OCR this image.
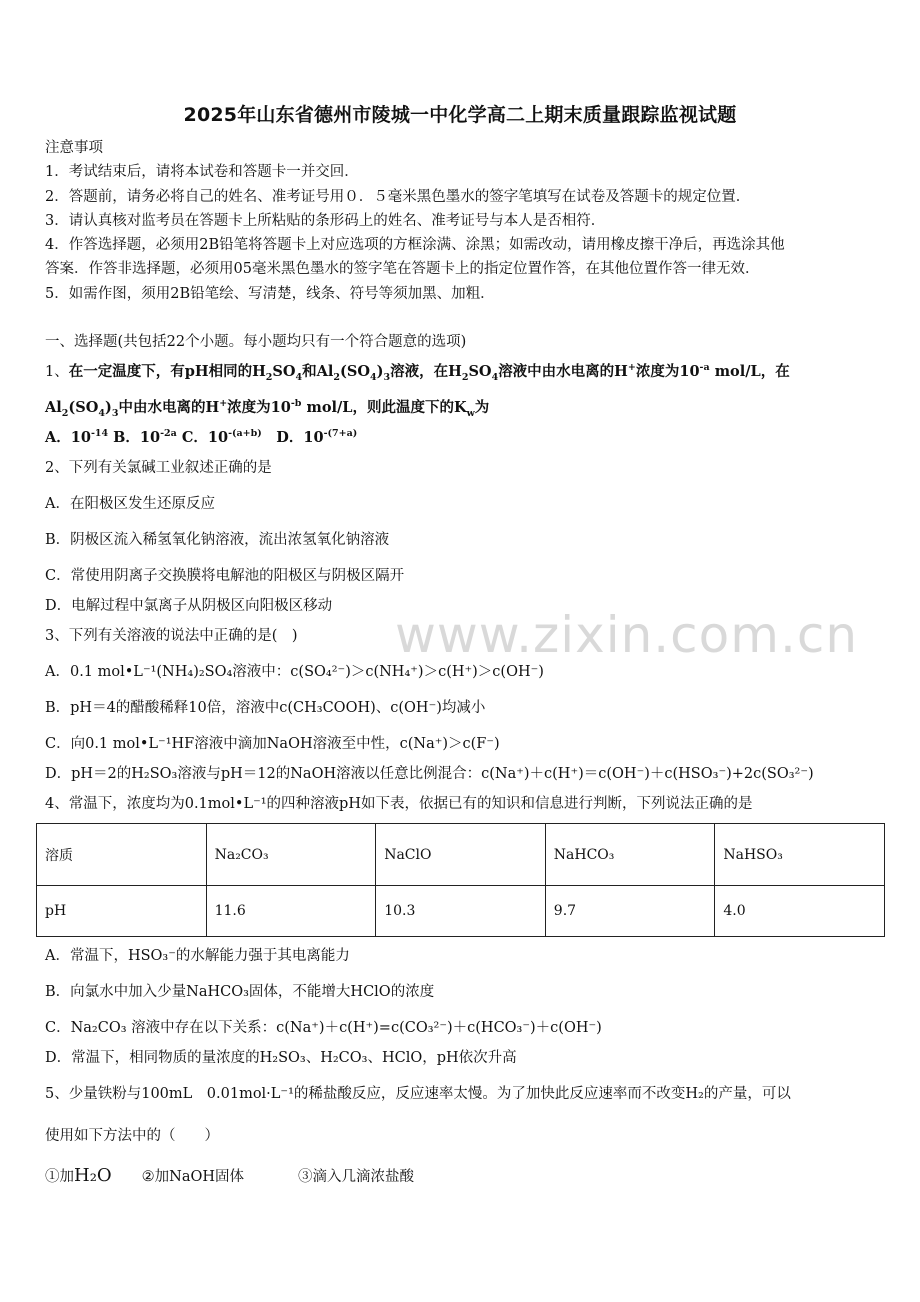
2025年山东省德州市陵城一中化学高二上期末质量跟踪监视试题
注意事项
1．考试结束后，请将本试卷和答题卡一并交回．
2．答题前，请务必将自己的姓名、准考证号用０．５毫米黑色墨水的签字笔填写在试卷及答题卡的规定位置．
3．请认真核对监考员在答题卡上所粘贴的条形码上的姓名、准考证号与本人是否相符．
4．作答选择题，必须用2B铅笔将答题卡上对应选项的方框涂满、涂黑；如需改动，请用橡皮擦干净后，再选涂其他
答案．作答非选择题，必须用05毫米黑色墨水的签字笔在答题卡上的指定位置作答，在其他位置作答一律无效．
5．如需作图，须用2B铅笔绘、写清楚，线条、符号等须加黑、加粗．
一、选择题(共包括22个小题。每小题均只有一个符合题意的选项)
1、在一定温度下，有pH相同的$H_2SO_4$和$Al_2(SO_4)_3$溶液，在$H_2SO_4$溶液中由水电离的H+浓度为$10^{-a}$ mol/L，在
$Al_2(SO_4)_3$中由水电离的H+浓度为$10^{-b}$ mol/L，则此温度下的$K_w$为
A．$10^{-14}$ B．$10^{-2a}$ C．$10^{-(a+b)}$　D．$10^{-(7+a)}$
2、下列有关氯碱工业叙述正确的是
A．在阳极区发生还原反应
B．阴极区流入稀氢氧化钠溶液，流出浓氢氧化钠溶液
C．常使用阴离子交换膜将电解池的阳极区与阴极区隔开
D．电解过程中氯离子从阴极区向阳极区移动 www.zixin.com.cn
3、下列有关溶液的说法中正确的是(　)
A．0.1 mol•L⁻¹(NH₄)₂SO₄溶液中：c(SO₄²⁻)＞c(NH₄⁺)＞c(H⁺)＞c(OH⁻)
B．pH＝4的醋酸稀释10倍，溶液中c(CH₃COOH)、c(OH⁻)均减小
C．向0.1 mol•L⁻¹HF溶液中滴加NaOH溶液至中性，c(Na⁺)＞c(F⁻)
D．pH＝2的H₂SO₃溶液与pH＝12的NaOH溶液以任意比例混合：c(Na⁺)＋c(H⁺)＝c(OH⁻)＋c(HSO₃⁻)+2c(SO₃²⁻)
4、常温下，浓度均为0.1mol•L⁻¹的四种溶液pH如下表，依据已有的知识和信息进行判断，下列说法正确的是
溶质	Na₂CO₃	NaClO	NaHCO₃	NaHSO₃
pH	11.6	10.3	9.7	4.0
A．常温下，HSO₃⁻的水解能力强于其电离能力
B．向氯水中加入少量NaHCO₃固体，不能增大HClO的浓度
C．Na₂CO₃ 溶液中存在以下关系：c(Na⁺)＋c(H⁺)=c(CO₃²⁻)＋c(HCO₃⁻)＋c(OH⁻)
D．常温下，相同物质的量浓度的H₂SO₃、H₂CO₃、HClO，pH依次升高
5、少量铁粉与100mL　0.01mol·L⁻¹的稀盐酸反应，反应速率太慢。为了加快此反应速率而不改变H₂的产量，可以
使用如下方法中的（　　）
①加H₂O ②加NaOH固体	③滴入几滴浓盐酸
